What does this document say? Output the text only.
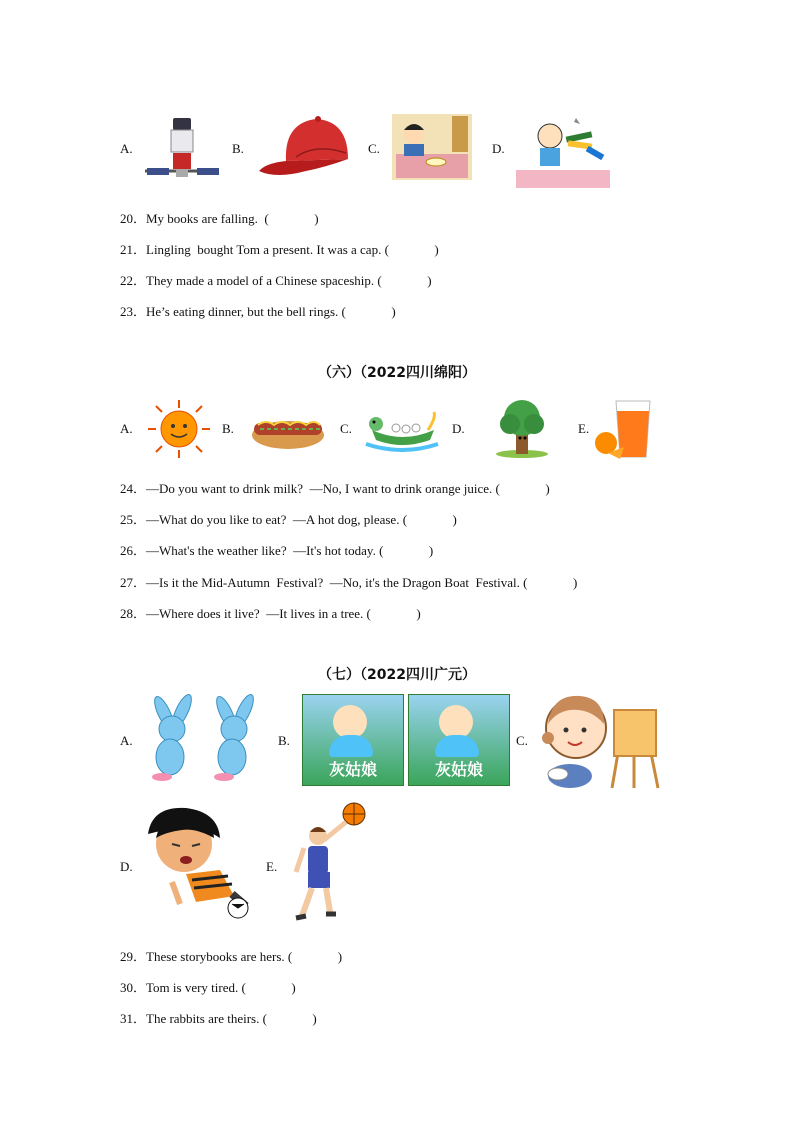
A.	B.	C.	D.
20．My books are falling.  (              )
21．Lingling  bought Tom a present. It was a cap. (              )
22．They made a model of a Chinese spaceship. (              )
23．He’s eating dinner, but the bell rings. (              )
（六）（2022四川绵阳）
A.	B.	C.	D.	E.
24．—Do you want to drink milk?  —No, I want to drink orange juice. (              )
25．—What do you like to eat?  —A hot dog, please. (              )
26．—What's the weather like?  —It's hot today. (              )
27．—Is it the Mid-Autumn  Festival?  —No, it's the Dragon Boat  Festival. (              )
28．—Where does it live?  —It lives in a tree. (              )
（七）（2022四川广元）
A.	B.
灰姑娘	灰姑娘
C.
D.	E.
29．These storybooks are hers. (              )
30．Tom is very tired. (              )
31．The rabbits are theirs. (              )
